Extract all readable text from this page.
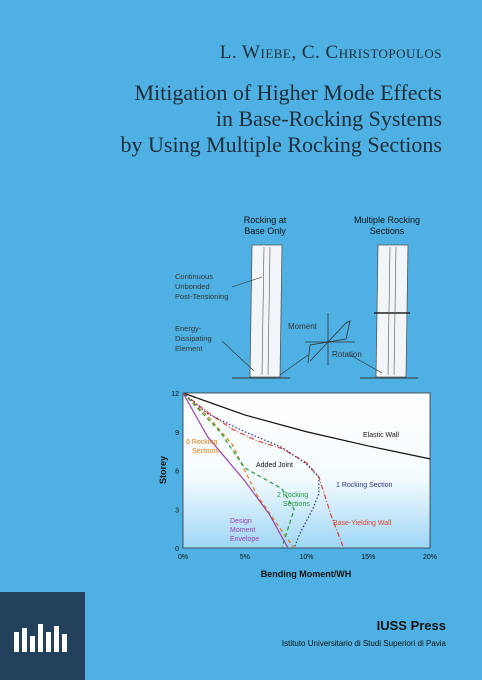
L. Wiebe, C. Christopoulos
Mitigation of Higher Mode Effects
in Base-Rocking Systems
by Using Multiple Rocking Sections
Rocking at
Base Only
Multiple Rocking
Sections
Continuous
Unbonded
Post-Tensioning
Energy-
Dissipating
Element
Moment
Rotation
0%	5%	10%	15%	20%
0
3
6
9
12
Bending Moment/WH
Storey
Elastic Wall
Added Joint
1 Rocking Section
Base-Yielding Wall
6 Rocking
Sections
2 Rocking
Sections
Design
Moment
Envelope
IUSS Press
Istituto Universitario di Studi Superiori di Pavia
